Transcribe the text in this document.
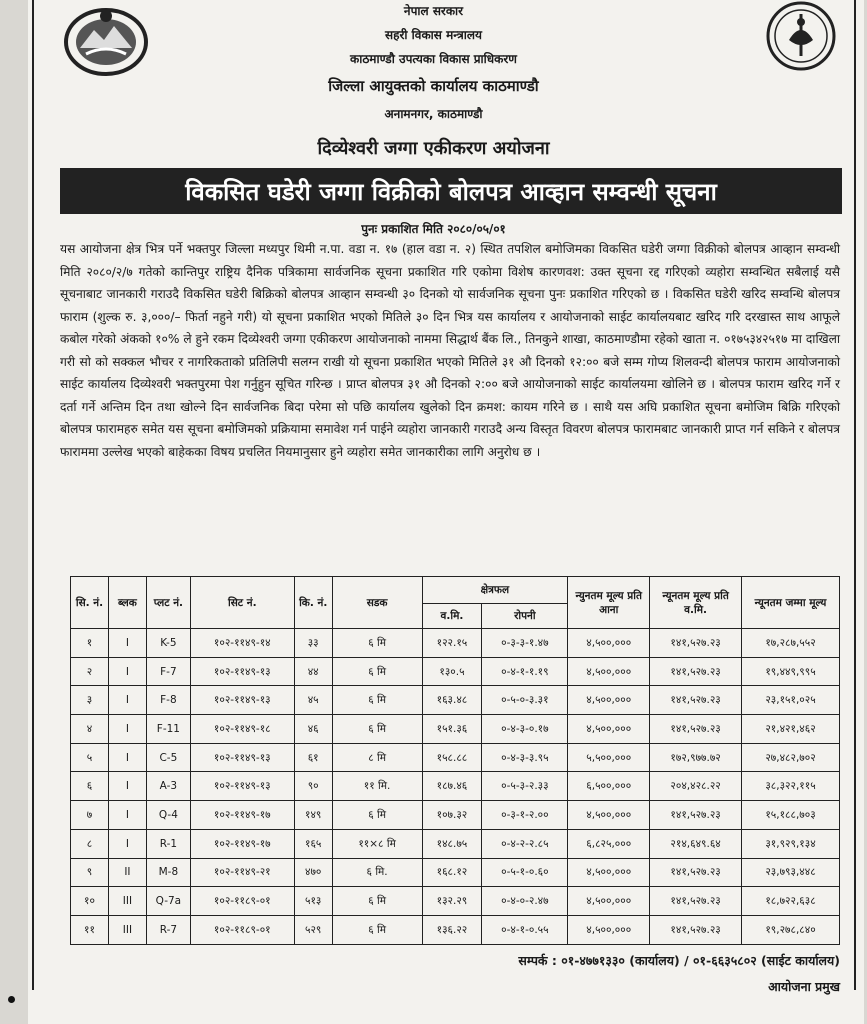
नेपाल सरकार
सहरी विकास मन्त्रालय
काठमाण्डौ उपत्यका विकास प्राधिकरण
जिल्ला आयुक्तको कार्यालय काठमाण्डौ
अनामनगर, काठमाण्डौ
दिव्येश्वरी जग्गा एकीकरण अयोजना
विकसित घडेरी जग्गा विक्रीको बोलपत्र आव्हान सम्वन्धी सूचना
पुनः प्रकाशित मिति २०८०/०५/०१
यस आयोजना क्षेत्र भित्र पर्ने भक्तपुर जिल्ला मध्यपुर थिमी न.पा. वडा न. १७ (हाल वडा न. २) स्थित तपशिल बमोजिमका विकसित घडेरी जग्गा विक्रीको बोलपत्र आव्हान सम्वन्धी मिति २०८०/२/७ गतेको कान्तिपुर राष्ट्रिय दैनिक पत्रिकामा सार्वजनिक सूचना प्रकाशित गरि एकोमा विशेष कारणवश: उक्त सूचना रद्द गरिएको व्यहोरा सम्वन्धित सबैलाई यसै सूचनाबाट जानकारी गराउदै विकसित घडेरी बिक्रिको बोलपत्र आव्हान सम्वन्धी ३० दिनको यो सार्वजनिक सूचना पुनः प्रकाशित गरिएको छ । विकसित घडेरी खरिद सम्वन्धि बोलपत्र फाराम (शुल्क रु. ३,०००/– फिर्ता नहुने गरी) यो सूचना प्रकाशित भएको मितिले ३० दिन भित्र यस कार्यालय र आयोजनाको साईट कार्यालयबाट खरिद गरि दरखास्त साथ आफूले कबोल गरेको अंकको १०% ले हुने रकम दिव्येश्वरी जग्गा एकीकरण आयोजनाको नाममा सिद्धार्थ बैंक लि., तिनकुने शाखा, काठमाण्डौमा रहेको खाता न. ०१७५३४२५१७ मा दाखिला गरी सो को सक्कल भौचर र नागरिकताको प्रतिलिपी सलग्न राखी यो सूचना प्रकाशित भएको मितिले ३१ औ दिनको १२:०० बजे सम्म गोप्य शिलवन्दी बोलपत्र फाराम आयोजनाको साईट कार्यालय दिव्येश्वरी भक्तपुरमा पेश गर्नुहुन सूचित गरिन्छ । प्राप्त बोलपत्र ३१ औ दिनको २:०० बजे आयोजनाको साईट कार्यालयमा खोलिने छ । बोलपत्र फाराम खरिद गर्ने र दर्ता गर्ने अन्तिम दिन तथा खोल्ने दिन सार्वजनिक बिदा परेमा सो पछि कार्यालय खुलेको दिन क्रमश: कायम गरिने छ । साथै यस अघि प्रकाशित सूचना बमोजिम बिक्रि गरिएको बोलपत्र फारामहरु समेत यस सूचना बमोजिमको प्रक्रियामा समावेश गर्न पाईने व्यहोरा जानकारी गराउदै अन्य विस्तृत विवरण बोलपत्र फारामबाट जानकारी प्राप्त गर्न सकिने र बोलपत्र फाराममा उल्लेख भएको बाहेकका विषय प्रचलित नियमानुसार हुने व्यहोरा समेत जानकारीका लागि अनुरोध छ ।
सि. नं.	ब्लक	प्लट नं.	सिट नं.	कि. नं.	सडक	क्षेत्रफल		न्युनतम मूल्य प्रति आना	न्यूनतम मूल्य प्रति व.मि.	न्यूनतम जम्मा मूल्य
						व.मि.	रोपनी			
१	I	K-5	१०२-११४९-१४	३३	६ मि	१२२.१५	०-३-३-१.४७	४,५००,०००	१४१,५२७.२३	१७,२८७,५५२
२	I	F-7	१०२-११४९-१३	४४	६ मि	१३०.५	०-४-१-१.१९	४,५००,०००	१४१,५२७.२३	१९,४४९,९९५
३	I	F-8	१०२-११४९-१३	४५	६ मि	१६३.४८	०-५-०-३.३१	४,५००,०००	१४१,५२७.२३	२३,१५१,०२५
४	I	F-11	१०२-११४९-१८	४६	६ मि	१५१.३६	०-४-३-०.१७	४,५००,०००	१४१,५२७.२३	२१,४२१,४६२
५	I	C-5	१०२-११४९-१३	६१	८ मि	१५८.८८	०-४-३-३.९५	५,५००,०००	१७२,९७७.७२	२७,४८२,७०२
६	I	A-3	१०२-११४९-१३	९०	११ मि.	१८७.४६	०-५-३-२.३३	६,५००,०००	२०४,४२८.२२	३८,३२२,११५
७	I	Q-4	१०२-११४९-१७	१४९	६ मि	१०७.३२	०-३-१-२.००	४,५००,०००	१४१,५२७.२३	१५,१८८,७०३
८	I	R-1	१०२-११४९-१७	१६५	११×८ मि	१४८.७५	०-४-२-२.८५	६,८२५,०००	२१४,६४९.६४	३१,९२९,१३४
९	II	M-8	१०२-११४९-२१	४७०	६ मि.	१६८.१२	०-५-१-०.६०	४,५००,०००	१४१,५२७.२३	२३,७९३,४४८
१०	III	Q-7a	१०२-११८९-०१	५१३	६ मि	१३२.२९	०-४-०-२.४७	४,५००,०००	१४१,५२७.२३	१८,७२२,६३८
११	III	R-7	१०२-११८९-०१	५२९	६ मि	१३६.२२	०-४-१-०.५५	४,५००,०००	१४१,५२७.२३	१९,२७८,८४०
सम्पर्क : ०१-४७७१३३० (कार्यालय) / ०१-६६३५८०२ (साईट कार्यालय)
आयोजना प्रमुख
